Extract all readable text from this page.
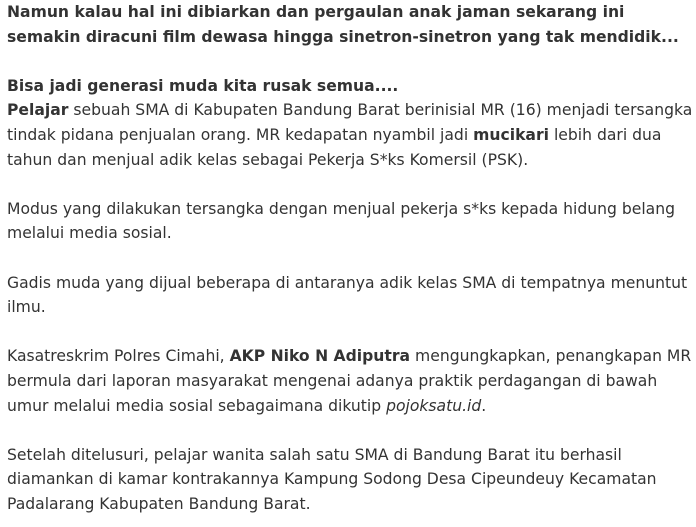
Namun kalau hal ini dibiarkan dan pergaulan anak jaman sekarang ini semakin diracuni film dewasa hingga sinetron-sinetron yang tak mendidik...

Bisa jadi generasi muda kita rusak semua....
Pelajar sebuah SMA di Kabupaten Bandung Barat berinisial MR (16) menjadi tersangka tindak pidana penjualan orang. MR kedapatan nyambil jadi mucikari lebih dari dua tahun dan menjual adik kelas sebagai Pekerja S*ks Komersil (PSK).

Modus yang dilakukan tersangka dengan menjual pekerja s*ks kepada hidung belang melalui media sosial.

Gadis muda yang dijual beberapa di antaranya adik kelas SMA di tempatnya menuntut ilmu.

Kasatreskrim Polres Cimahi, AKP Niko N Adiputra mengungkapkan, penangkapan MR bermula dari laporan masyarakat mengenai adanya praktik perdagangan di bawah umur melalui media sosial sebagaimana dikutip pojoksatu.id.

Setelah ditelusuri, pelajar wanita salah satu SMA di Bandung Barat itu berhasil diamankan di kamar kontrakannya Kampung Sodong Desa Cipeundeuy Kecamatan Padalarang Kabupaten Bandung Barat.
